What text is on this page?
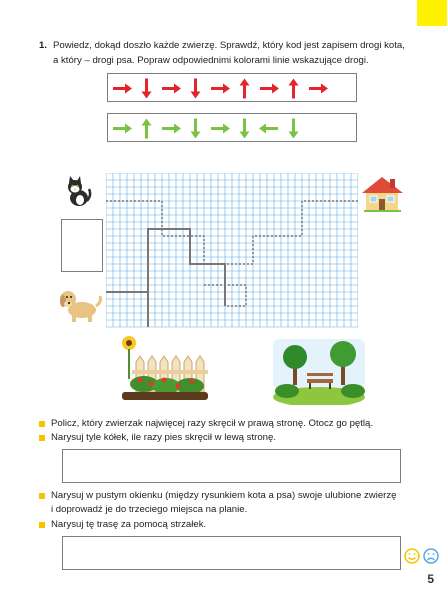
1. Powiedz, dokąd doszło każde zwierzę. Sprawdź, który kod jest zapisem drogi kota, a który – drogi psa. Popraw odpowiednimi kolorami linie wskazujące drogi.
Policz, który zwierzak najwięcej razy skręcił w prawą stronę. Otocz go pętlą.
Narysuj tyle kółek, ile razy pies skręcił w lewą stronę.
Narysuj w pustym okienku (między rysunkiem kota a psa) swoje ulubione zwierzę i doprowadź je do trzeciego miejsca na planie.
Narysuj tę trasę za pomocą strzałek.
5
